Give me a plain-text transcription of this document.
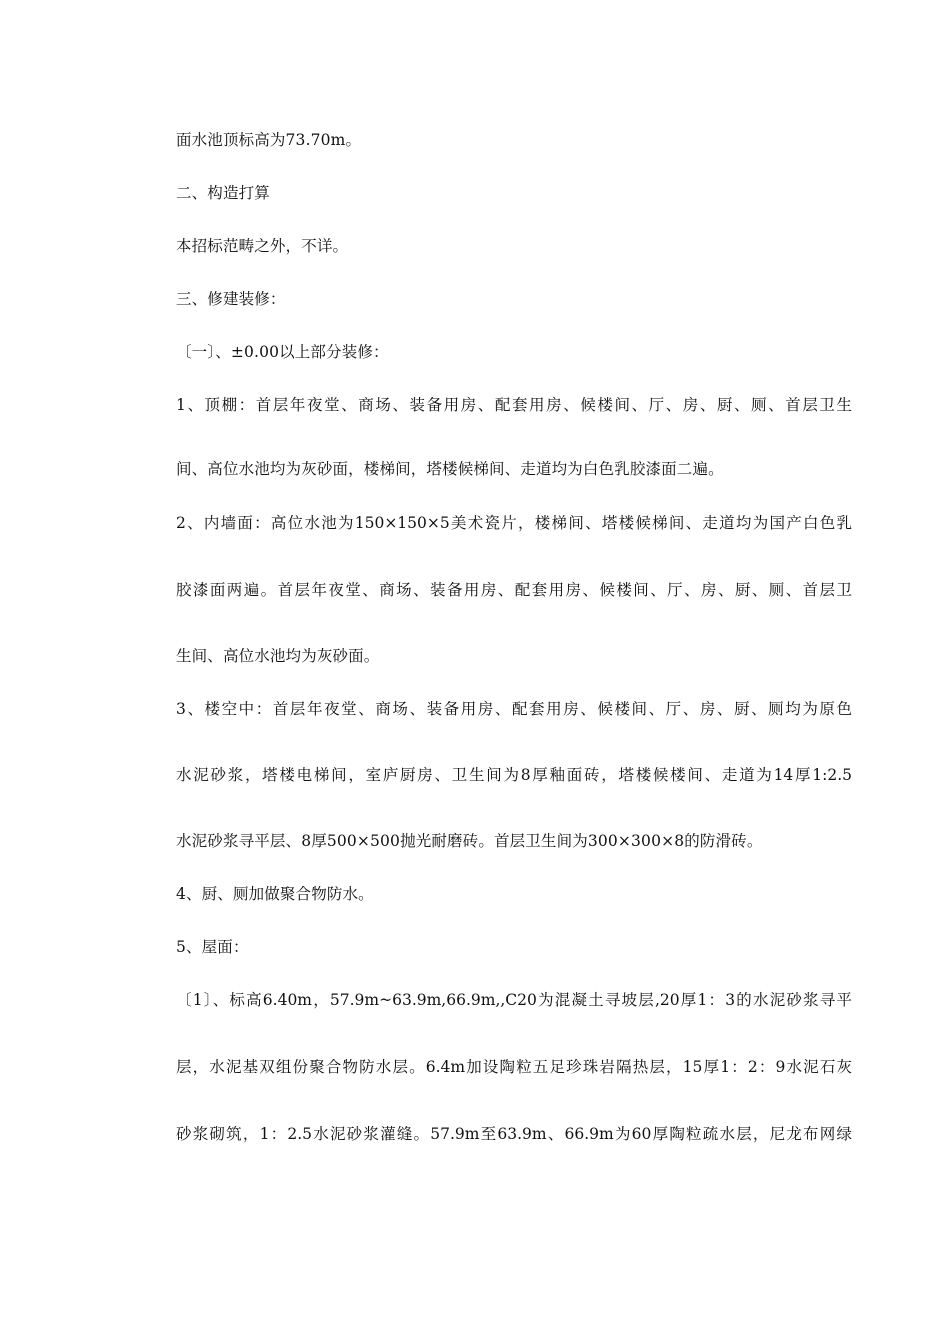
面水池顶标高为73.70m。
二、构造打算
本招标范畴之外，不详。
三、修建装修：
〔一〕、±0.00以上部分装修：
1、顶棚：首层年夜堂、商场、装备用房、配套用房、候楼间、厅、房、厨、厕、首层卫生
间、高位水池均为灰砂面，楼梯间，塔楼候梯间、走道均为白色乳胶漆面二遍。
2、内墙面：高位水池为150×150×5美术瓷片，楼梯间、塔楼候梯间、走道均为国产白色乳
胶漆面两遍。首层年夜堂、商场、装备用房、配套用房、候楼间、厅、房、厨、厕、首层卫
生间、高位水池均为灰砂面。
3、楼空中：首层年夜堂、商场、装备用房、配套用房、候楼间、厅、房、厨、厕均为原色
水泥砂浆，塔楼电梯间，室庐厨房、卫生间为8厚釉面砖，塔楼候楼间、走道为14厚1:2.5
水泥砂浆寻平层、8厚500×500抛光耐磨砖。首层卫生间为300×300×8的防滑砖。
4、厨、厕加做聚合物防水。
5、屋面：
〔1〕、标高6.40m，57.9m~63.9m,66.9m,,C20为混凝土寻坡层,20厚1：3的水泥砂浆寻平
层，水泥基双组份聚合物防水层。6.4m加设陶粒五足珍珠岩隔热层，15厚1：2：9水泥石灰
砂浆砌筑，1：2.5水泥砂浆灌缝。57.9m至63.9m、66.9m为60厚陶粒疏水层，尼龙布网绿
